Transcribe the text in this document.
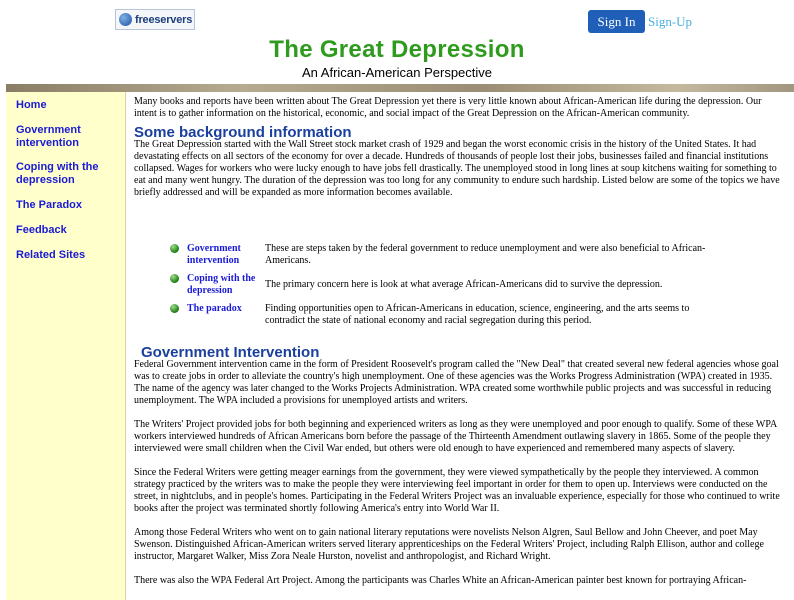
freeservers	Sign In Sign-Up
The Great Depression
An African-American Perspective
Home
Government intervention
Coping with the depression
The Paradox
Feedback
Related Sites

Many books and reports have been written about The Great Depression yet there is very little known about African-American life during the depression. Our intent is to gather information on the historical, economic, and social impact of the Great Depression on the African-American community.

Some background information

The Great Depression started with the Wall Street stock market crash of 1929 and began the worst economic crisis in the history of the United States. It had devastating effects on all sectors of the economy for over a decade. Hundreds of thousands of people lost their jobs, businesses failed and financial institutions collapsed. Wages for workers who were lucky enough to have jobs fell drastically. The unemployed stood in long lines at soup kitchens waiting for something to eat and many went hungry. The duration of the depression was too long for any community to endure such hardship. Listed below are some of the topics we have briefly addressed and will be expanded as more information becomes available.

Government intervention
These are steps taken by the federal government to reduce unemployment and were also beneficial to African-Americans.
Coping with the depression
The primary concern here is look at what average African-Americans did to survive the depression.
The paradox	Finding opportunities open to African-Americans in education, science, engineering, and the arts seems to contradict the state of national economy and racial segregation during this period.
Government Intervention

Federal Government intervention came in the form of President Roosevelt's program called the "New Deal" that created several new federal agencies whose goal was to create jobs in order to alleviate the country's high unemployment. One of these agencies was the Works Progress Administration (WPA) created in 1935. The name of the agency was later changed to the Works Projects Administration. WPA created some worthwhile public projects and was successful in reducing unemployment. The WPA included a provisions for unemployed artists and writers.

The Writers' Project provided jobs for both beginning and experienced writers as long as they were unemployed and poor enough to qualify. Some of these WPA workers interviewed hundreds of African Americans born before the passage of the Thirteenth Amendment outlawing slavery in 1865. Some of the people they interviewed were small children when the Civil War ended, but others were old enough to have experienced and remembered many aspects of slavery.

Since the Federal Writers were getting meager earnings from the government, they were viewed sympathetically by the people they interviewed. A common strategy practiced by the writers was to make the people they were interviewing feel important in order for them to open up. Interviews were conducted on the street, in nightclubs, and in people's homes. Participating in the Federal Writers Project was an invaluable experience, especially for those who continued to write books after the project was terminated shortly following America's entry into World War II.

Among those Federal Writers who went on to gain national literary reputations were novelists Nelson Algren, Saul Bellow and John Cheever, and poet May Swenson. Distinguished African-American writers served literary apprenticeships on the Federal Writers' Project, including Ralph Ellison, author and college instructor, Margaret Walker, Miss Zora Neale Hurston, novelist and anthropologist, and Richard Wright.

There was also the WPA Federal Art Project. Among the participants was Charles White an African-American painter best known for portraying African-
